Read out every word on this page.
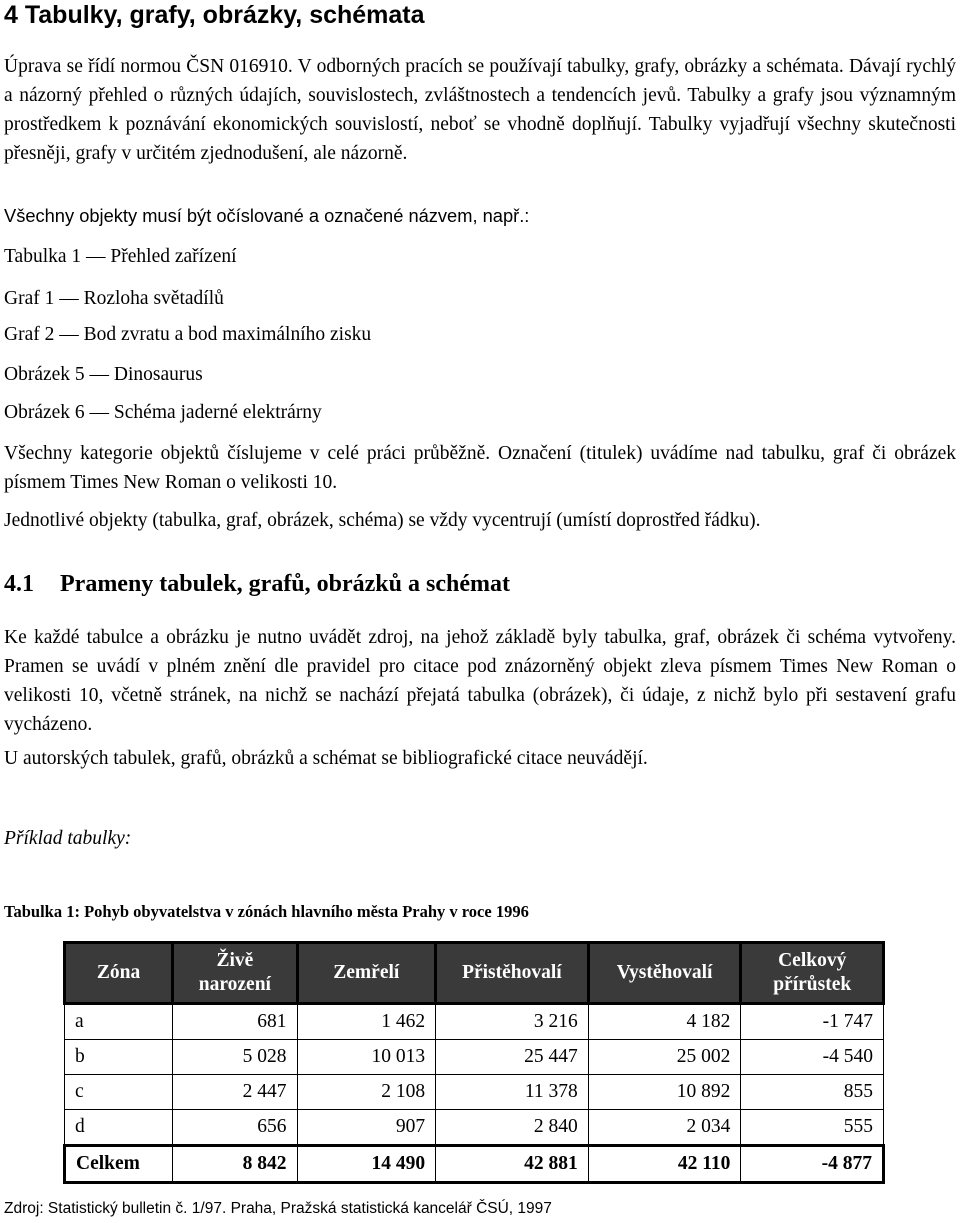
4 Tabulky, grafy, obrázky, schémata

Úprava se řídí normou ČSN 016910. V odborných pracích se používají tabulky, grafy, obrázky a schémata. Dávají rychlý a názorný přehled o různých údajích, souvislostech, zvláštnostech a tendencích jevů. Tabulky a grafy jsou významným prostředkem k poznávání ekonomických souvislostí, neboť se vhodně doplňují. Tabulky vyjadřují všechny skutečnosti přesněji, grafy v určitém zjednodušení, ale názorně.

Všechny objekty musí být očíslované a označené názvem, např.:

Tabulka 1 — Přehled zařízení

Graf 1 — Rozloha světadílů

Graf 2 — Bod zvratu a bod maximálního zisku

Obrázek 5 — Dinosaurus

Obrázek 6 — Schéma jaderné elektrárny

Všechny kategorie objektů číslujeme v celé práci průběžně. Označení (titulek) uvádíme nad tabulku, graf či obrázek písmem Times New Roman o velikosti 10.

Jednotlivé objekty (tabulka, graf, obrázek, schéma) se vždy vycentrují (umístí doprostřed řádku).

4.1 Prameny tabulek, grafů, obrázků a schémat

Ke každé tabulce a obrázku je nutno uvádět zdroj, na jehož základě byly tabulka, graf, obrázek či schéma vytvořeny. Pramen se uvádí v plném znění dle pravidel pro citace pod znázorněný objekt zleva písmem Times New Roman o velikosti 10, včetně stránek, na nichž se nachází přejatá tabulka (obrázek), či údaje, z nichž bylo při sestavení grafu vycházeno.

U autorských tabulek, grafů, obrázků a schémat se bibliografické citace neuvádějí.

Příklad tabulky:

Tabulka 1: Pohyb obyvatelstva v zónách hlavního města Prahy v roce 1996
Zóna	Živě narození	Zemřelí	Přistěhovalí	Vystěhovalí	Celkový přírůstek
a	681	1 462	3 216	4 182	-1 747
b	5 028	10 013	25 447	25 002	-4 540
c	2 447	2 108	11 378	10 892	855
d	656	907	2 840	2 034	555
Celkem	8 842	14 490	42 881	42 110	-4 877
Zdroj: Statistický bulletin č. 1/97. Praha, Pražská statistická kancelář ČSÚ, 1997
